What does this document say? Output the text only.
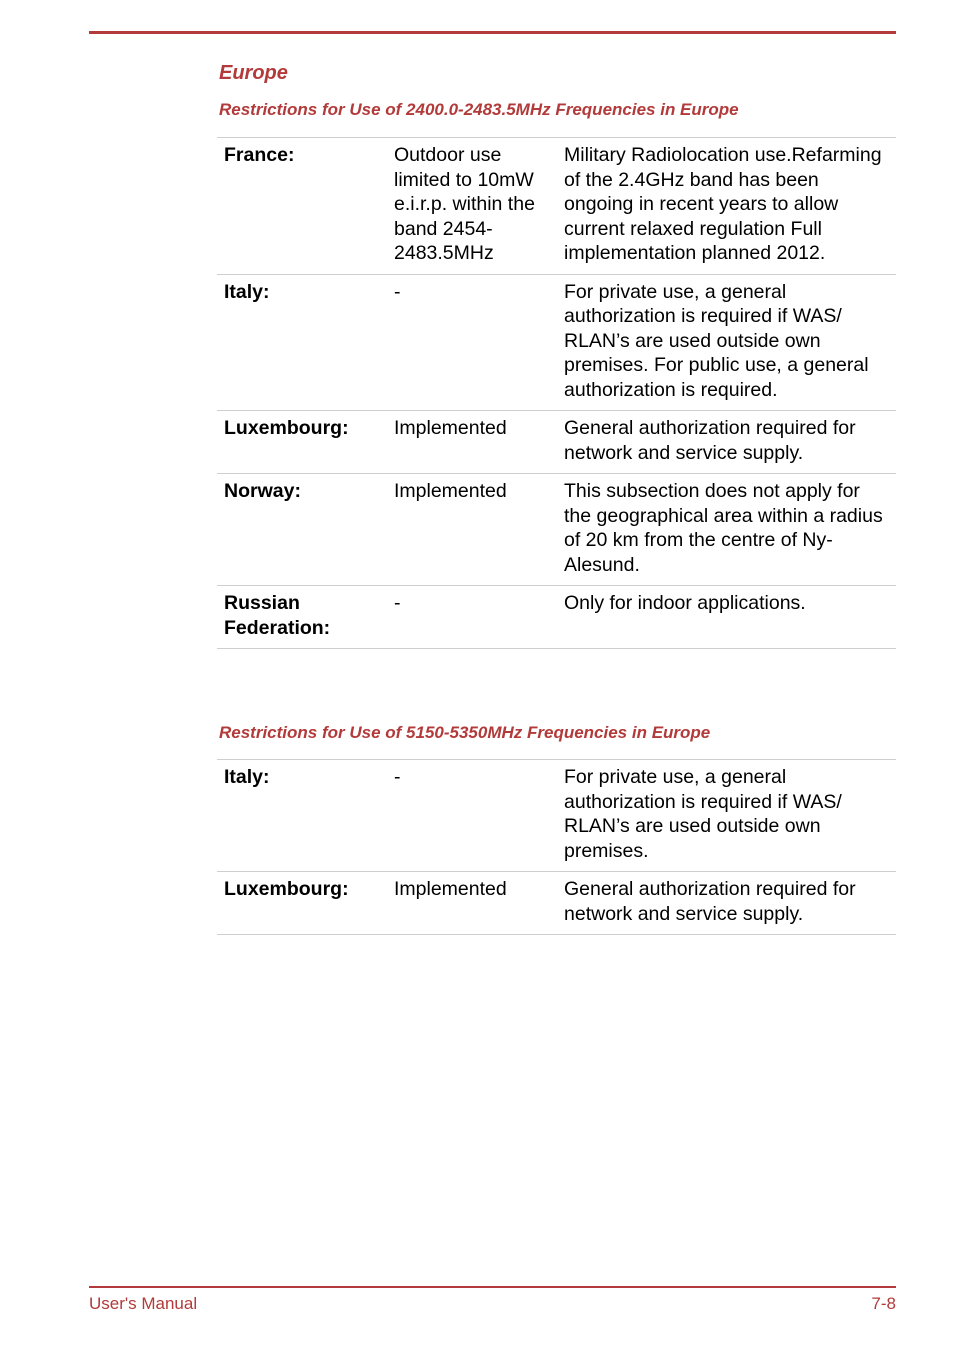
Europe
Restrictions for Use of 2400.0-2483.5MHz Frequencies in Europe
France:	Outdoor use limited to 10mW e.i.r.p. within the band 2454-2483.5MHz	Military Radiolocation use.Refarming of the 2.4GHz band has been ongoing in recent years to allow current relaxed regulation Full implementation planned 2012.
Italy:	-	For private use, a general authorization is required if WAS/ RLAN’s are used outside own premises. For public use, a general authorization is required.
Luxembourg:	Implemented	General authorization required for network and service supply.
Norway:	Implemented	This subsection does not apply for the geographical area within a radius of 20 km from the centre of Ny-Alesund.
Russian Federation:	-	Only for indoor applications.
Restrictions for Use of 5150-5350MHz Frequencies in Europe
Italy:	-	For private use, a general authorization is required if WAS/ RLAN’s are used outside own premises.
Luxembourg:	Implemented	General authorization required for network and service supply.
User's Manual	7-8
